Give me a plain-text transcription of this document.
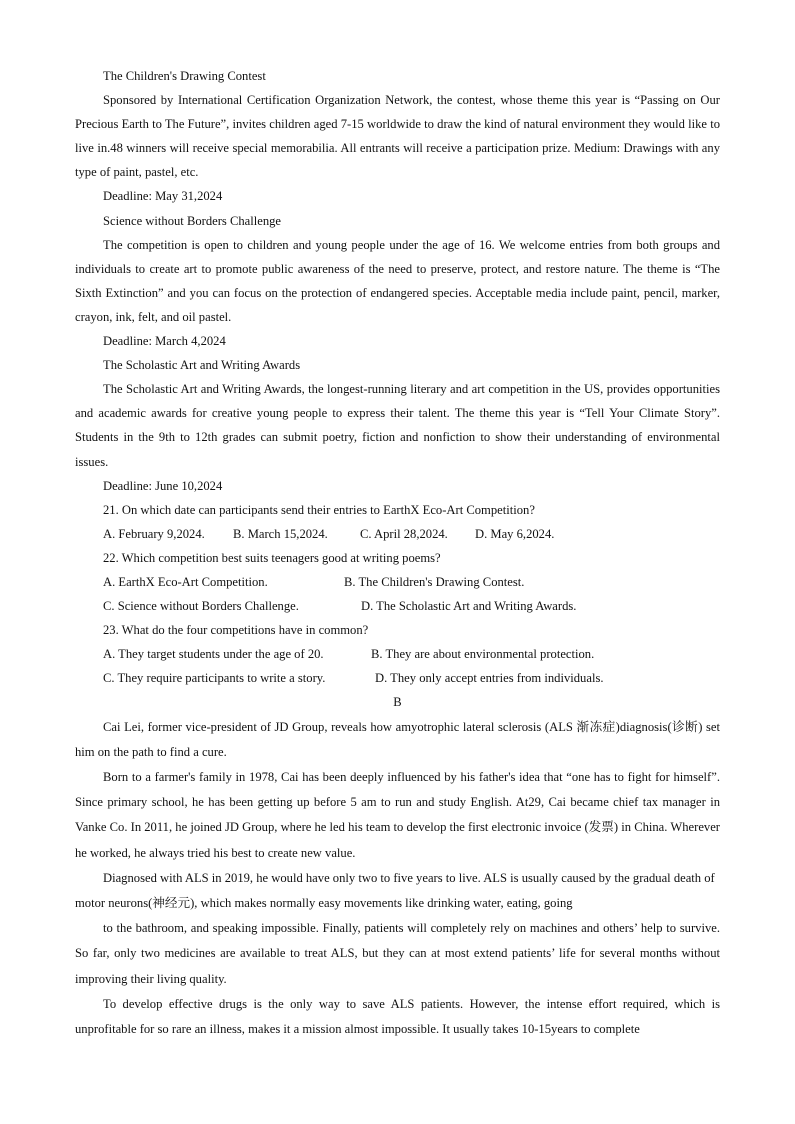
The Children's Drawing Contest

Sponsored by International Certification Organization Network, the contest, whose theme this year is “Passing on Our Precious Earth to The Future”, invites children aged 7-15 worldwide to draw the kind of natural environment they would like to live in.48 winners will receive special memorabilia. All entrants will receive a participation prize. Medium: Drawings with any type of paint, pastel, etc.

Deadline: May 31,2024

Science without Borders Challenge

The competition is open to children and young people under the age of 16. We welcome entries from both groups and individuals to create art to promote public awareness of the need to preserve, protect, and restore nature. The theme is “The Sixth Extinction” and you can focus on the protection of endangered species. Acceptable media include paint, pencil, marker, crayon, ink, felt, and oil pastel.

Deadline: March 4,2024

The Scholastic Art and Writing Awards

The Scholastic Art and Writing Awards, the longest-running literary and art competition in the US, provides opportunities and academic awards for creative young people to express their talent. The theme this year is “Tell Your Climate Story”. Students in the 9th to 12th grades can submit poetry, fiction and nonfiction to show their understanding of environmental issues.

Deadline: June 10,2024

21. On which date can participants send their entries to EarthX Eco-Art Competition?

A. February 9,2024. B. March 15,2024.	C. April 28,2024. D. May 6,2024.

22. Which competition best suits teenagers good at writing poems?

A. EarthX Eco-Art Competition.	B. The Children's Drawing Contest.
C. Science without Borders Challenge.	D. The Scholastic Art and Writing Awards.

23. What do the four competitions have in common?

A. They target students under the age of 20.	B. They are about environmental protection.
C. They require participants to write a story.	D. They only accept entries from individuals.

B

Cai Lei, former vice-president of JD Group, reveals how amyotrophic lateral sclerosis (ALS 渐冻症)diagnosis(诊断) set him on the path to find a cure.

Born to a farmer's family in 1978, Cai has been deeply influenced by his father's idea that “one has to fight for himself”. Since primary school, he has been getting up before 5 am to run and study English. At29, Cai became chief tax manager in Vanke Co. In 2011, he joined JD Group, where he led his team to develop the first electronic invoice (发票) in China. Wherever he worked, he always tried his best to create new value.

Diagnosed with ALS in 2019, he would have only two to five years to live. ALS is usually caused by the gradual death of motor neurons(神经元), which makes normally easy movements like drinking water, eating, going

to the bathroom, and speaking impossible. Finally, patients will completely rely on machines and others’ help to survive. So far, only two medicines are available to treat ALS, but they can at most extend patients’ life for several months without improving their living quality.

To develop effective drugs is the only way to save ALS patients. However, the intense effort required, which is unprofitable for so rare an illness, makes it a mission almost impossible. It usually takes 10-15years to complete
